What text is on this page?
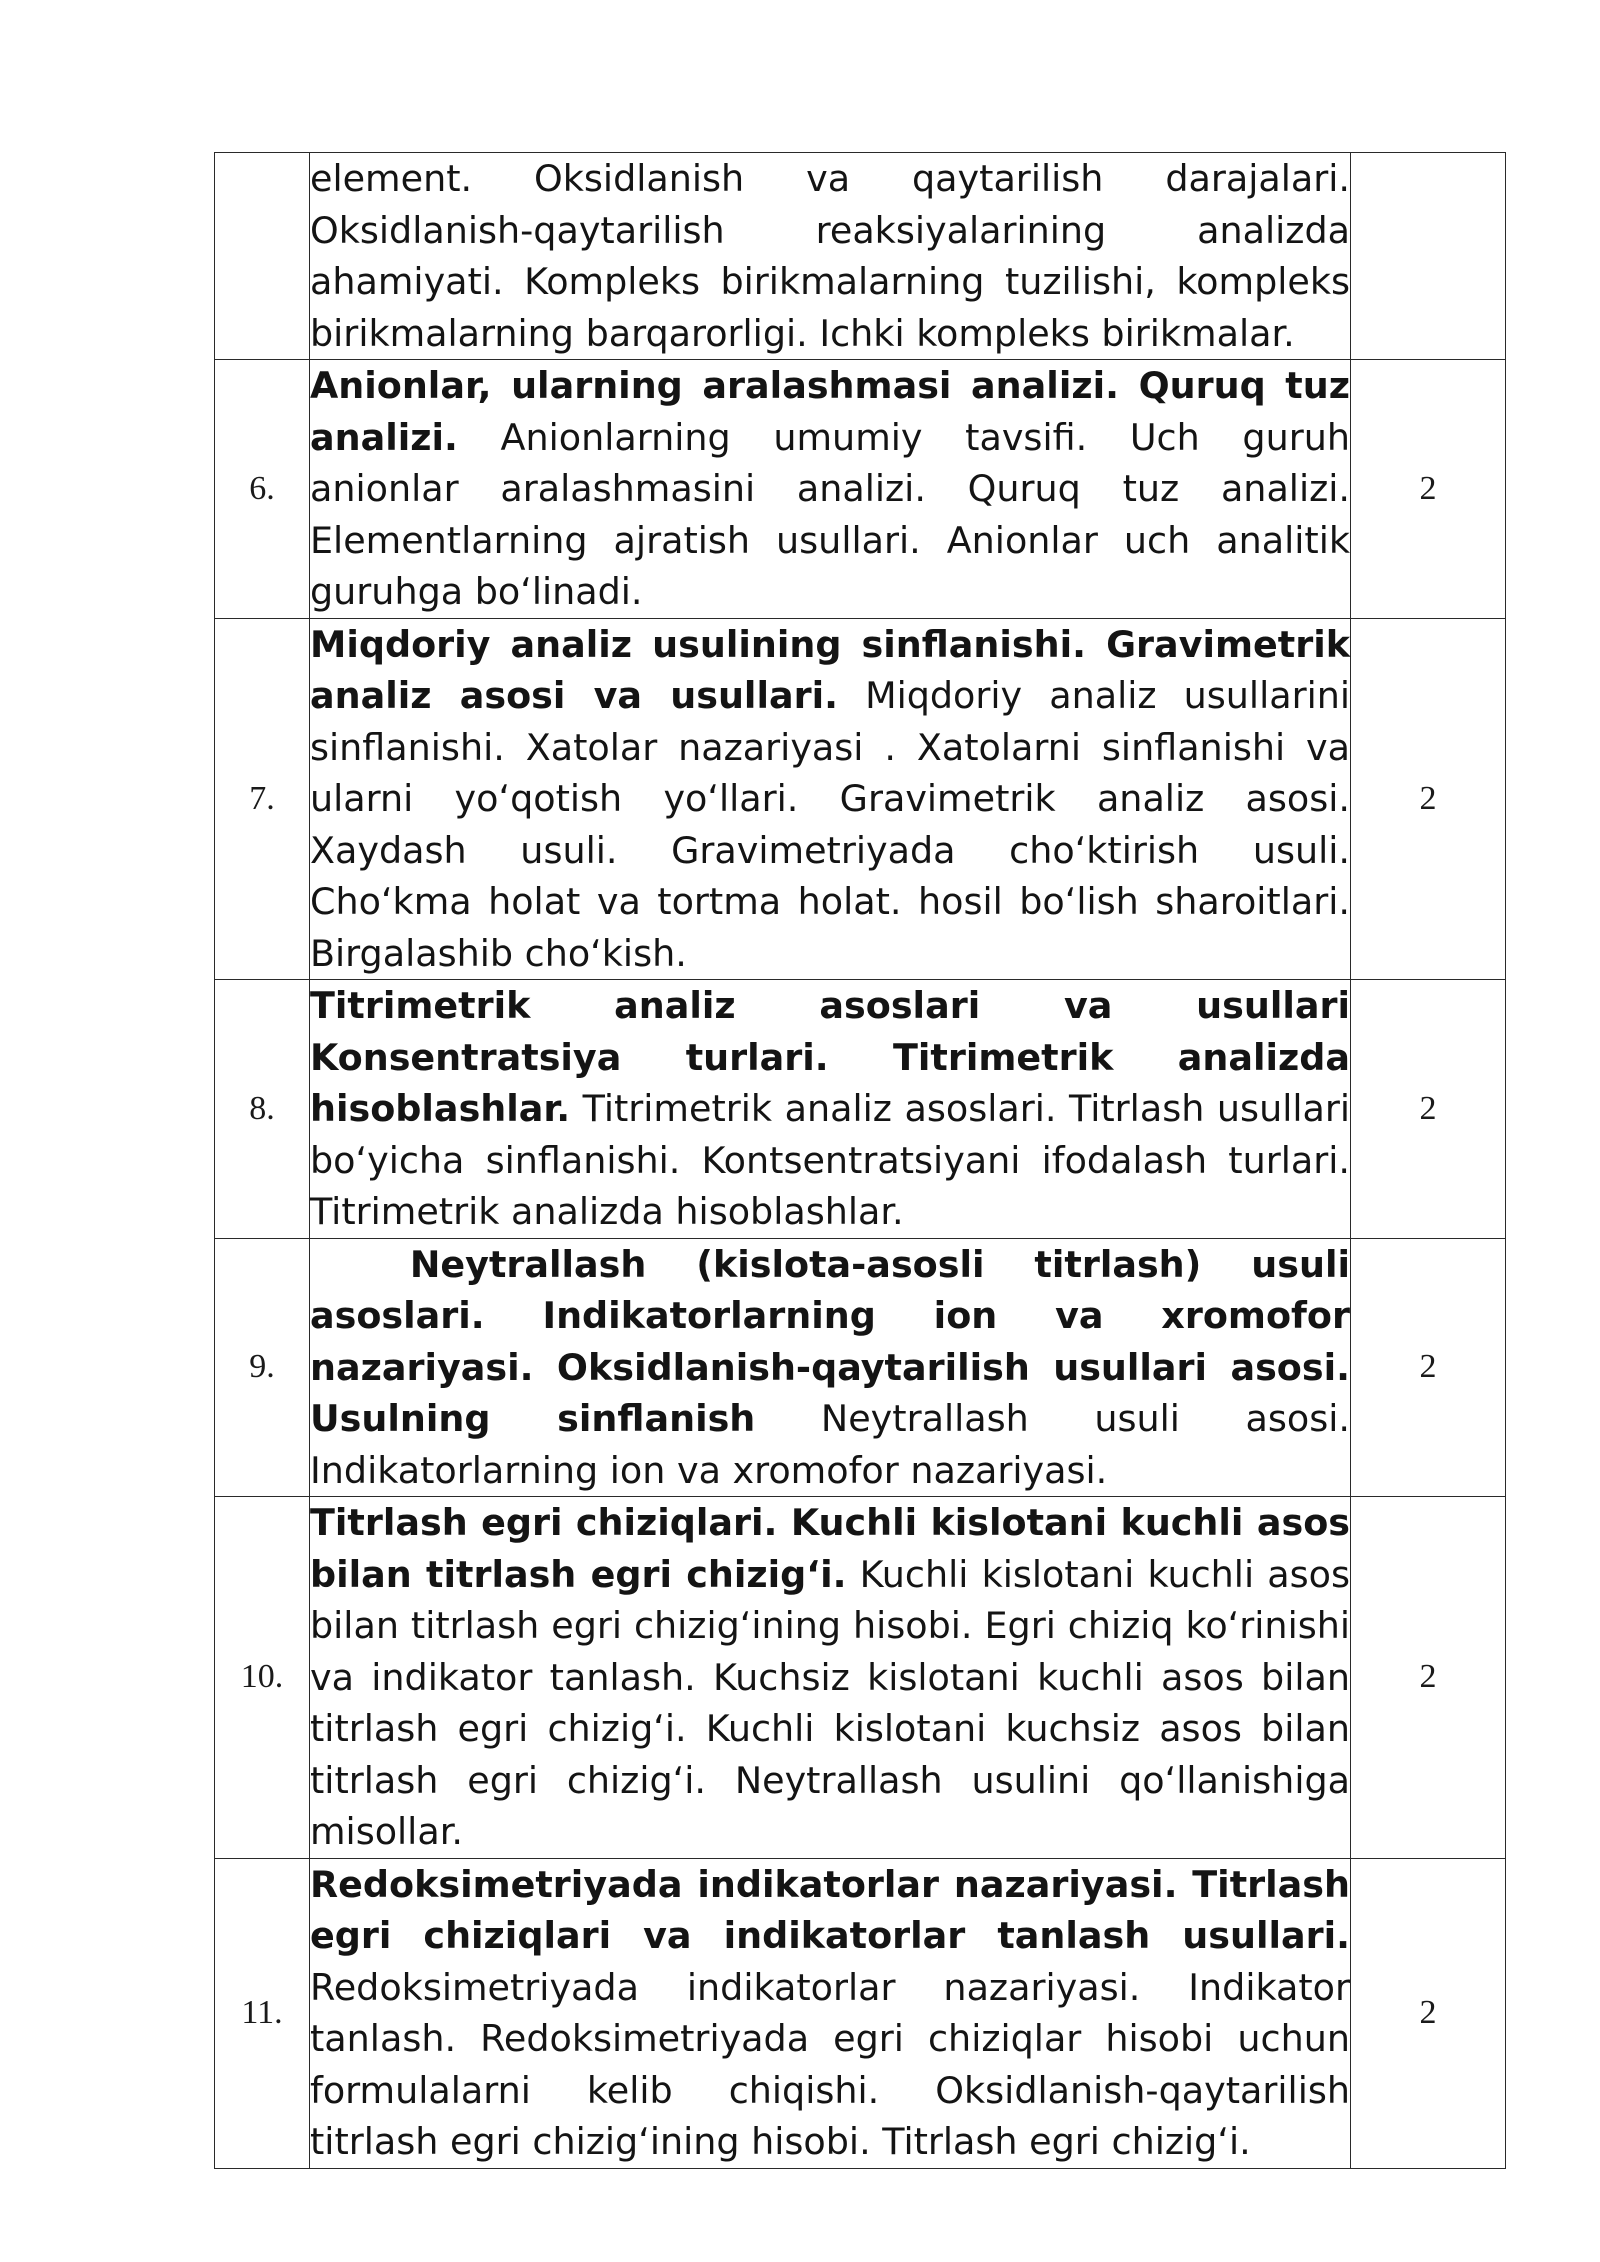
	element. Oksidlanish va qaytarilish darajalari. Oksidlanish-qaytarilish reaksiyalarining analizda ahamiyati. Kompleks birikmalarning tuzilishi, kompleks birikmalarning barqarorligi. Ichki kompleks birikmalar.	
6.	Anionlar, ularning aralashmasi analizi. Quruq tuz analizi. Anionlarning umumiy tavsifi. Uch guruh anionlar aralashmasini analizi. Quruq tuz analizi. Elementlarning ajratish usullari. Anionlar uch analitik guruhga bo‘linadi.	2
7.	Miqdoriy analiz usulining sinflanishi. Gravimetrik analiz asosi va usullari. Miqdoriy analiz usullarini sinflanishi. Xatolar nazariyasi . Xatolarni sinflanishi va ularni yo‘qotish yo‘llari. Gravimetrik analiz asosi. Xaydash usuli. Gravimetriyada cho‘ktirish usuli. Cho‘kma holat va tortma holat. hosil bo‘lish sharoitlari. Birgalashib cho‘kish.	2
8.	Titrimetrik analiz asoslari va usullari Konsentratsiya turlari. Titrimetrik analizda hisoblashlar. Titrimetrik analiz asoslari. Titrlash usullari bo‘yicha sinflanishi. Kontsentratsiyani ifodalash turlari. Titrimetrik analizda hisoblashlar.	2
9.	Neytrallash (kislota-asosli titrlash) usuli asoslari. Indikatorlarning ion va xromofor nazariyasi. Oksidlanish-qaytarilish usullari asosi. Usulning sinflanish Neytrallash usuli asosi. Indikatorlarning ion va xromofor nazariyasi.	2
10.	Titrlash egri chiziqlari. Kuchli kislotani kuchli asos bilan titrlash egri chizig‘i. Kuchli kislotani kuchli asos bilan titrlash egri chizig‘ining hisobi. Egri chiziq ko‘rinishi va indikator tanlash. Kuchsiz kislotani kuchli asos bilan titrlash egri chizig‘i. Kuchli kislotani kuchsiz asos bilan titrlash egri chizig‘i. Neytrallash usulini qo‘llanishiga misollar.	2
11.	Redoksimetriyada indikatorlar nazariyasi. Titrlash egri chiziqlari va indikatorlar tanlash usullari. Redoksimetriyada indikatorlar nazariyasi. Indikator tanlash. Redoksimetriyada egri chiziqlar hisobi uchun formulalarni kelib chiqishi. Oksidlanish-qaytarilish titrlash egri chizig‘ining hisobi. Titrlash egri chizig‘i.	2
